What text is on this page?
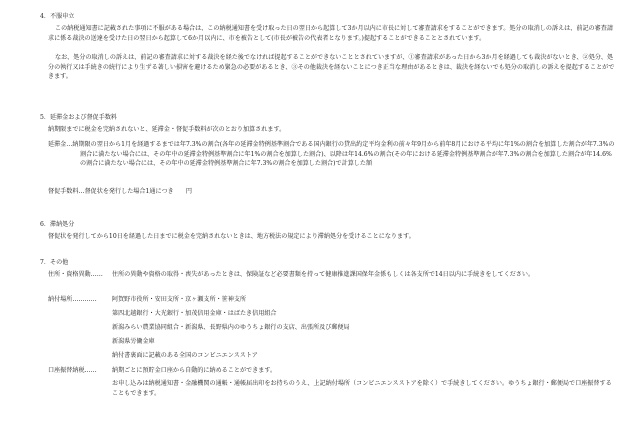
4．不服申立
この納税通知書に記載された事項に不服がある場合は、この納税通知書を受け取った日の翌日から起算して3か月以内に市長に対して審査請求をすることができます。処分の取消しの訴えは、前記の審査請求に係る裁決の送達を受けた日の翌日から起算して6か月以内に、市を被告として(市長が被告の代表者となります。)提起することができることとされています。
なお、処分の取消しの訴えは、前記の審査請求に対する裁決を経た後でなければ提起することができないこととされていますが、①審査請求があった日から3か月を経過しても裁決がないとき、②処分、処分の執行又は手続きの続行により生ずる著しい損害を避けるため緊急の必要があるとき、③その他裁決を経ないことにつき正当な理由があるときは、裁決を経ないでも処分の取消しの訴えを提起することができます。
5．延滞金および督促手数料
納期限までに税金を完納されないと、延滞金・督促手数料が次のとおり加算されます。
延滞金…納期限の翌日から1月を経過するまでは年7.3%の割合(各年の延滞金特例基準割合である国内銀行の貸出約定平均金利の前々年9月から前年8月における平均に年1%の割合を加算した割合が年7.3%の割合に満たない場合には、その年中の延滞金特例基準割合に年1%の割合を加算した割合)、以降は年14.6%の割合(その年における延滞金特例基準割合が年7.3%の割合を加算した割合が年14.6%の割合に満たない場合には、その年中の延滞金特例基準割合に年7.3%の割合を加算した割合)で計算した額
督促手数料…督促状を発行した場合1通につき　　円
6．滞納処分
督促状を発行してから10日を経過した日までに税金を完納されないときは、地方税法の規定により滞納処分を受けることになります。
7．その他
住所・資格異動…… 住所の異動や資格の取得・喪失があったときは、保険証など必要書類を持って健康推進課国保年金係もしくは各支所で14日以内に手続きをしてください。
納付場所…………	阿賀野市役所・安田支所・京ヶ瀬支所・笹神支所
第四北越銀行・大光銀行・加茂信用金庫・はばたき信用組合
新潟みらい農業協同組合・新潟県、長野県内のゆうちょ銀行の支店、出張所及び郵便局
新潟県労働金庫
納付書裏面に記載のある全国のコンビニエンスストア
口座振替納税……	納期ごとに預貯金口座から自動的に納めることができます。
お申し込みは納税通知書・金融機関の通帳・通帳届出印をお持ちのうえ、上記納付場所（コンビニエンスストアを除く）で手続きしてください。ゆうちょ銀行・郵便局で口座振替することもできます。
